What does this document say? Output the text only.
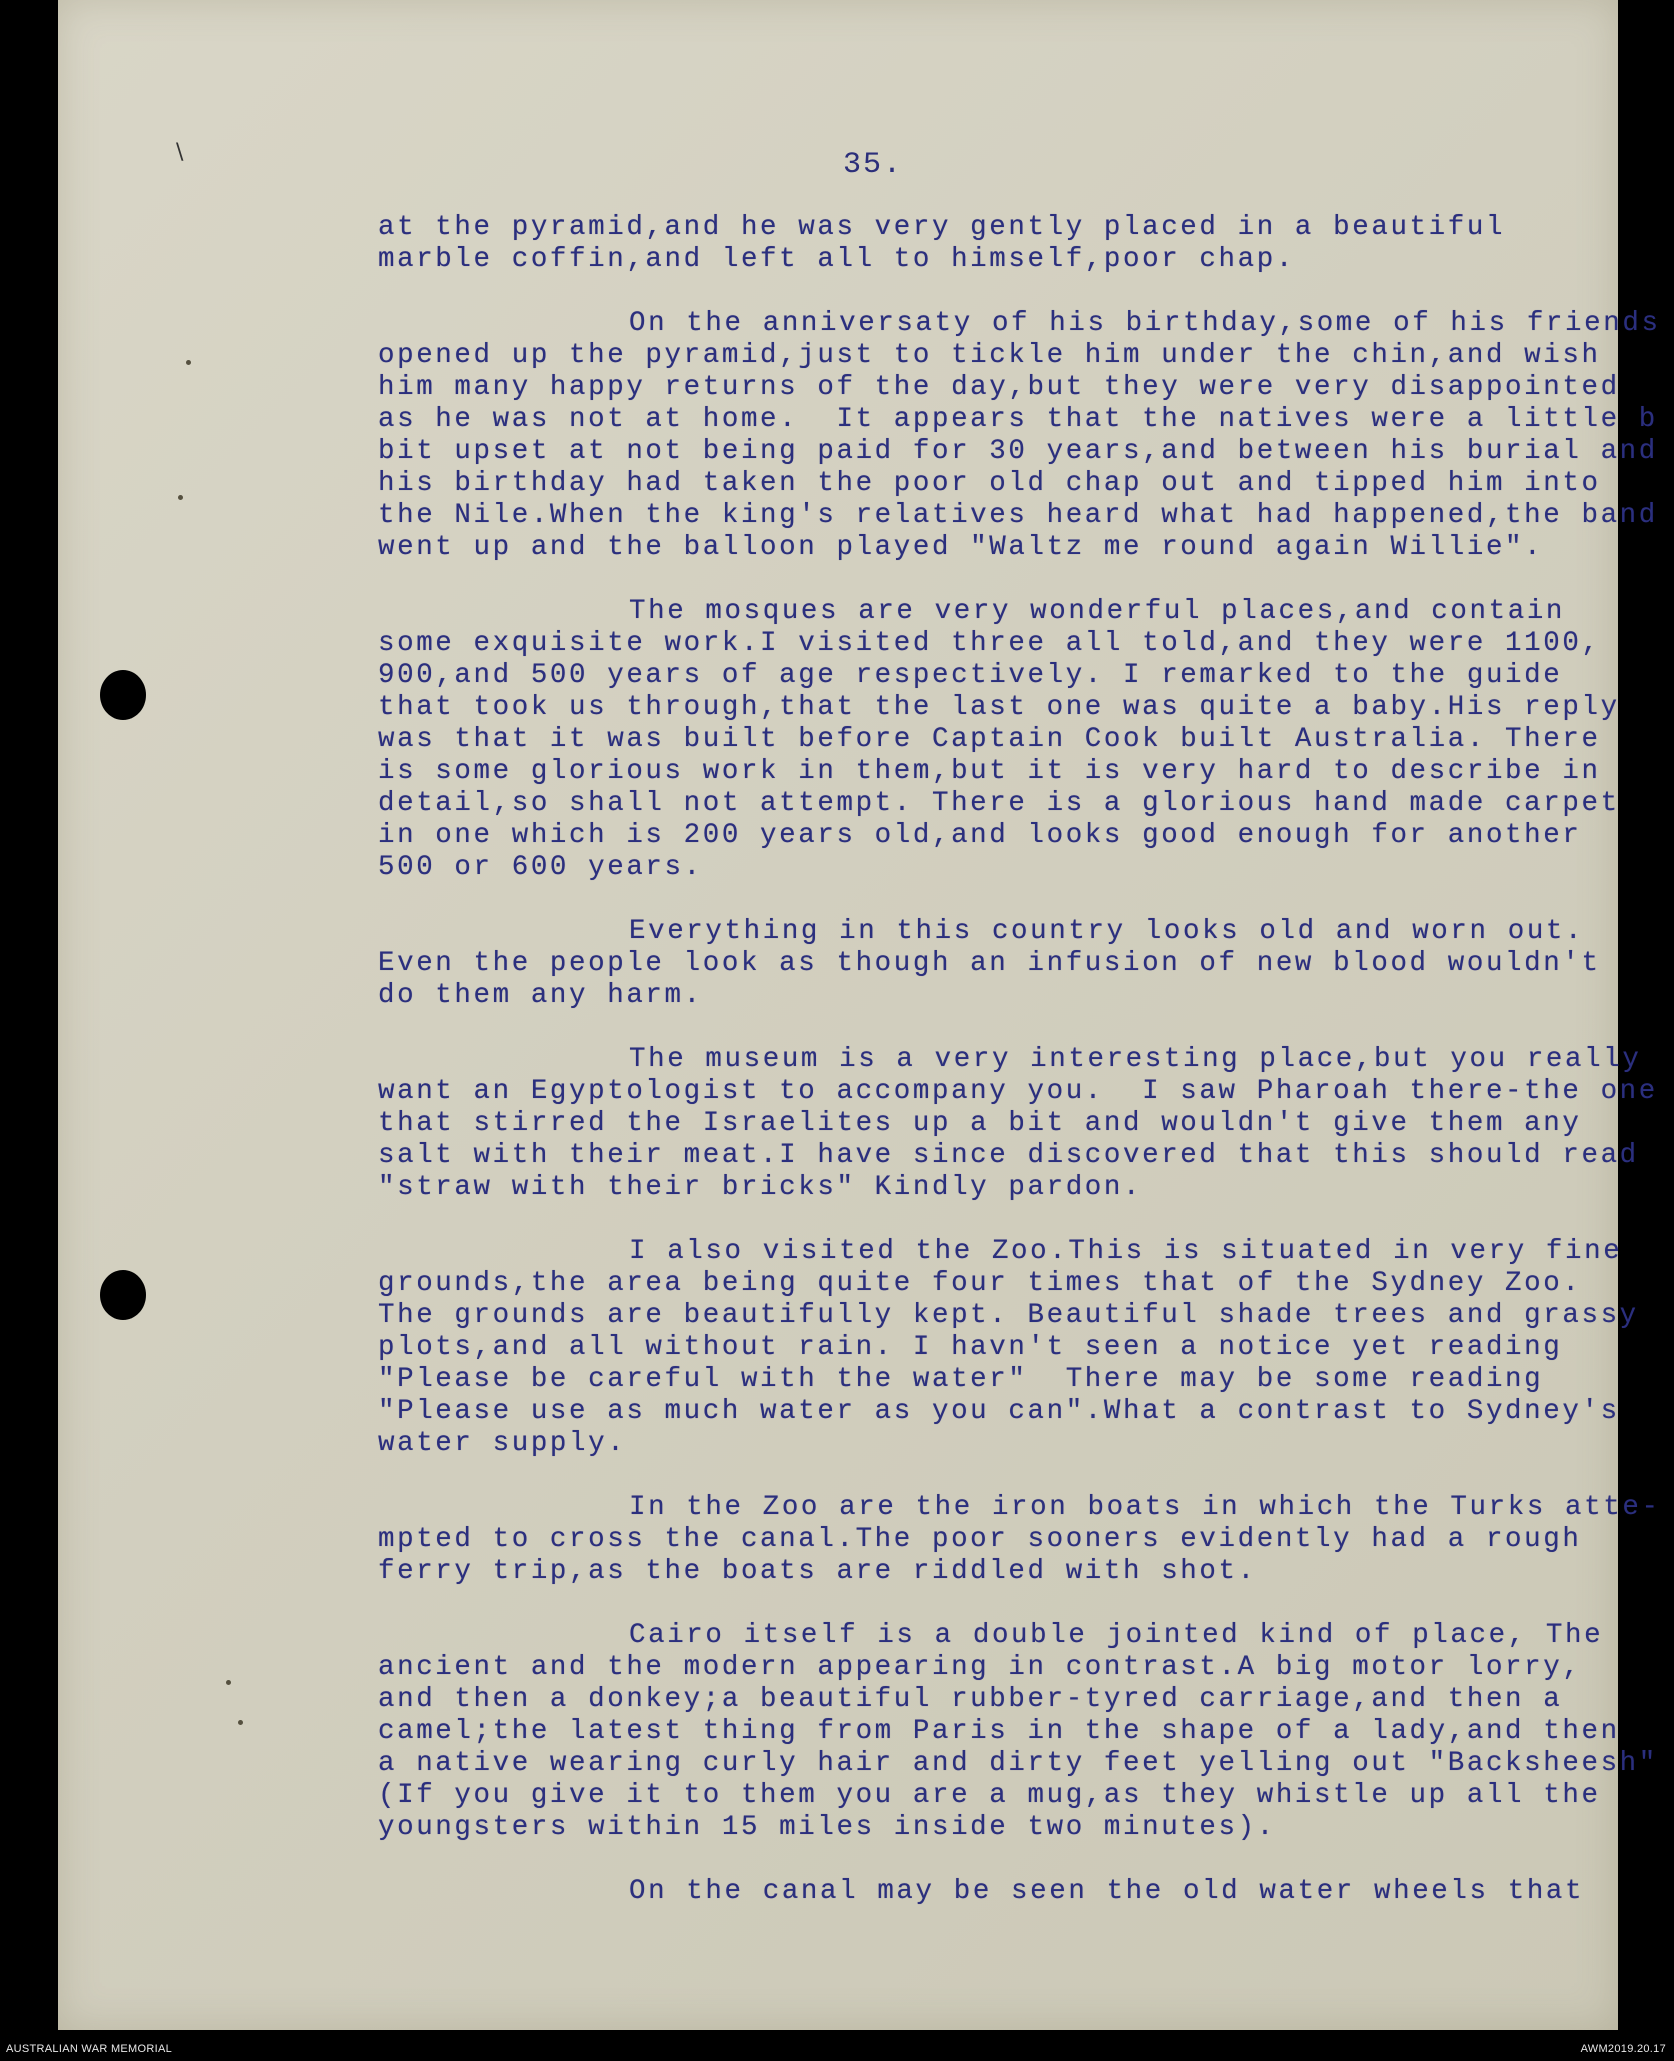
\	35.
at the pyramid,and he was very gently placed in a beautiful
marble coffin,and left all to himself,poor chap.
On the anniversaty of his birthday,some of his friends
opened up the pyramid,just to tickle him under the chin,and wish
him many happy returns of the day,but they were very disappointed
as he was not at home.  It appears that the natives were a little b
bit upset at not being paid for 30 years,and between his burial and
his birthday had taken the poor old chap out and tipped him into
the Nile.When the king's relatives heard what had happened,the band
went up and the balloon played "Waltz me round again Willie".
The mosques are very wonderful places,and contain
some exquisite work.I visited three all told,and they were 1100,
900,and 500 years of age respectively. I remarked to the guide
that took us through,that the last one was quite a baby.His reply
was that it was built before Captain Cook built Australia. There
is some glorious work in them,but it is very hard to describe in
detail,so shall not attempt. There is a glorious hand made carpet
in one which is 200 years old,and looks good enough for another
500 or 600 years.
Everything in this country looks old and worn out.
Even the people look as though an infusion of new blood wouldn't
do them any harm.
The museum is a very interesting place,but you really
want an Egyptologist to accompany you.  I saw Pharoah there-the one
that stirred the Israelites up a bit and wouldn't give them any
salt with their meat.I have since discovered that this should read
"straw with their bricks" Kindly pardon.
I also visited the Zoo.This is situated in very fine
grounds,the area being quite four times that of the Sydney Zoo.
The grounds are beautifully kept. Beautiful shade trees and grassy
plots,and all without rain. I havn't seen a notice yet reading
"Please be careful with the water"  There may be some reading
"Please use as much water as you can".What a contrast to Sydney's
water supply.
In the Zoo are the iron boats in which the Turks atte-
mpted to cross the canal.The poor sooners evidently had a rough
ferry trip,as the boats are riddled with shot.
Cairo itself is a double jointed kind of place, The
ancient and the modern appearing in contrast.A big motor lorry,
and then a donkey;a beautiful rubber-tyred carriage,and then a
camel;the latest thing from Paris in the shape of a lady,and then
a native wearing curly hair and dirty feet yelling out "Backsheesh"
(If you give it to them you are a mug,as they whistle up all the
youngsters within 15 miles inside two minutes).
On the canal may be seen the old water wheels that
AUSTRALIAN WAR MEMORIAL	AWM2019.20.17
